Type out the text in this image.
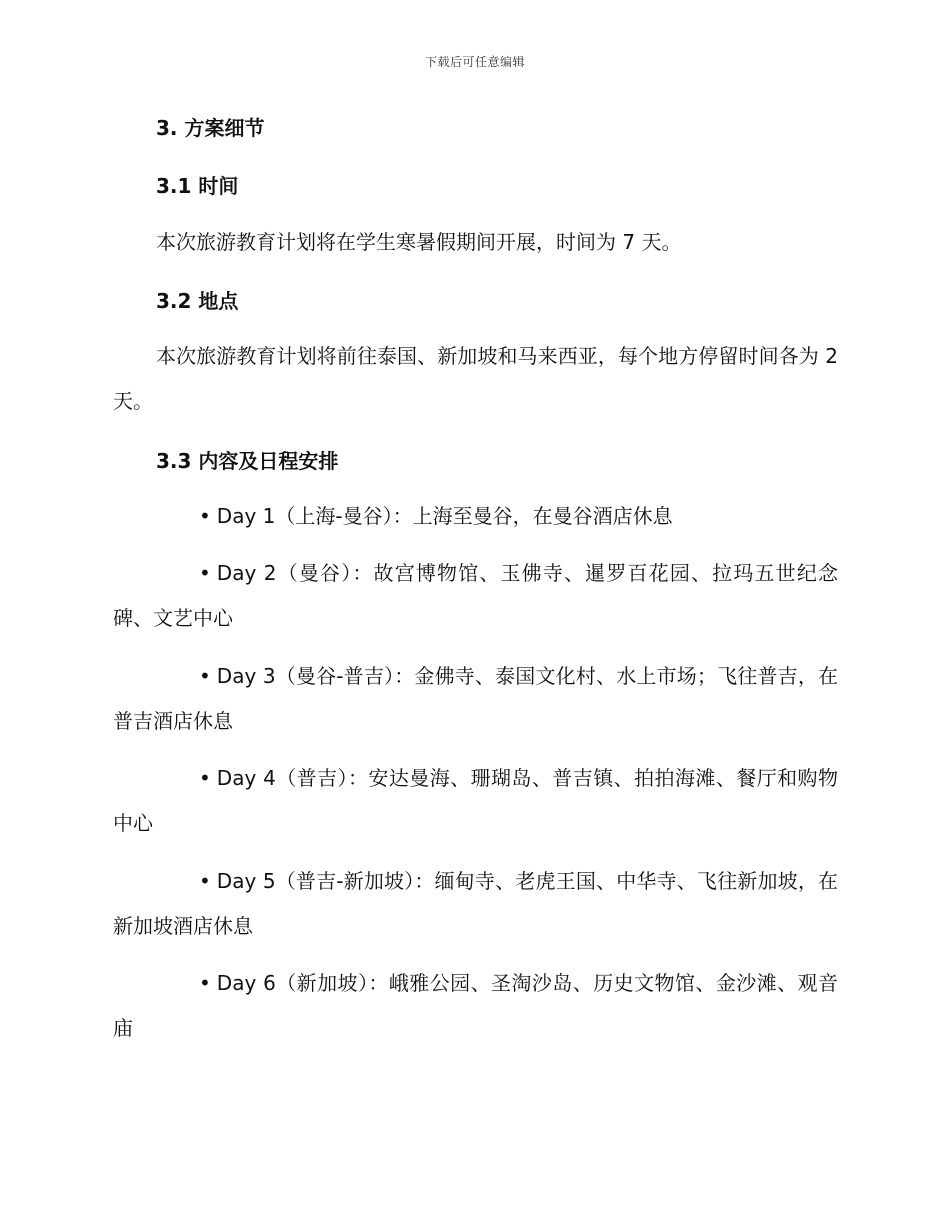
下载后可任意编辑
3. 方案细节
3.1 时间
本次旅游教育计划将在学生寒暑假期间开展，时间为 7 天。
3.2 地点
本次旅游教育计划将前往泰国、新加坡和马来西亚，每个地方停留时间各为 2 天。
3.3 内容及日程安排
• Day 1（上海-曼谷）：上海至曼谷，在曼谷酒店休息
• Day 2（曼谷）：故宫博物馆、玉佛寺、暹罗百花园、拉玛五世纪念碑、文艺中心
• Day 3（曼谷-普吉）：金佛寺、泰国文化村、水上市场；飞往普吉，在普吉酒店休息
• Day 4（普吉）：安达曼海、珊瑚岛、普吉镇、拍拍海滩、餐厅和购物中心
• Day 5（普吉-新加坡）：缅甸寺、老虎王国、中华寺、飞往新加坡，在新加坡酒店休息
• Day 6（新加坡）：峨雅公园、圣淘沙岛、历史文物馆、金沙滩、观音庙
